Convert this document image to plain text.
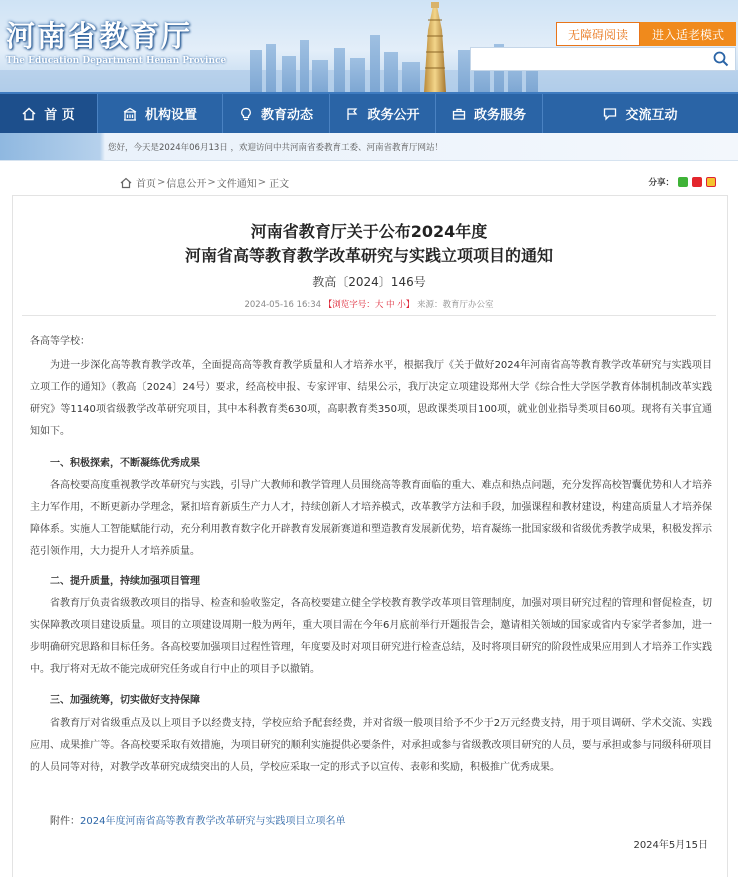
河南省教育厅
The Education Department Henan Province
无障碍阅读	进入适老模式
首 页	机构设置	教育动态	政务公开	政务服务	交流互动
您好，今天是2024年06月13日 ，欢迎访问中共河南省委教育工委、河南省教育厅网站！
首页 > 信息公开 > 文件通知 > 正文	分享：
河南省教育厅关于公布2024年度
河南省高等教育教学改革研究与实践立项项目的通知
教高〔2024〕146号
2024-05-16 16:34 【浏览字号：大 中 小】 来源：教育厅办公室
各高等学校：
为进一步深化高等教育教学改革，全面提高高等教育教学质量和人才培养水平，根据我厅《关于做好2024年河南省高等教育教学改革研究与实践项目立项工作的通知》（教高〔2024〕24号）要求，经高校申报、专家评审、结果公示，我厅决定立项建设郑州大学《综合性大学医学教育体制机制改革实践研究》等1140项省级教学改革研究项目，其中本科教育类630项，高职教育类350项，思政课类项目100项，就业创业指导类项目60项。现将有关事宜通知如下。
一、积极探索，不断凝练优秀成果
各高校要高度重视教学改革研究与实践，引导广大教师和教学管理人员围绕高等教育面临的重大、难点和热点问题，充分发挥高校智囊优势和人才培养主力军作用，不断更新办学理念，紧扣培育新质生产力人才，持续创新人才培养模式，改革教学方法和手段，加强课程和教材建设，构建高质量人才培养保障体系。实施人工智能赋能行动，充分利用教育数字化开辟教育发展新赛道和塑造教育发展新优势，培育凝练一批国家级和省级优秀教学成果，积极发挥示范引领作用，大力提升人才培养质量。
二、提升质量，持续加强项目管理
省教育厅负责省级教改项目的指导、检查和验收鉴定，各高校要建立健全学校教育教学改革项目管理制度，加强对项目研究过程的管理和督促检查，切实保障教改项目建设质量。项目的立项建设周期一般为两年，重大项目需在今年6月底前举行开题报告会，邀请相关领域的国家或省内专家学者参加，进一步明确研究思路和目标任务。各高校要加强项目过程性管理，年度要及时对项目研究进行检查总结，及时将项目研究的阶段性成果应用到人才培养工作实践中。我厅将对无故不能完成研究任务或自行中止的项目予以撤销。
三、加强统筹，切实做好支持保障
省教育厅对省级重点及以上项目予以经费支持，学校应给予配套经费，并对省级一般项目给予不少于2万元经费支持，用于项目调研、学术交流、实践应用、成果推广等。各高校要采取有效措施，为项目研究的顺利实施提供必要条件，对承担或参与省级教改项目研究的人员，要与承担或参与同级科研项目的人员同等对待，对教学改革研究成绩突出的人员，学校应采取一定的形式予以宣传、表彰和奖励，积极推广优秀成果。
附件：2024年度河南省高等教育教学改革研究与实践项目立项名单
2024年5月15日
